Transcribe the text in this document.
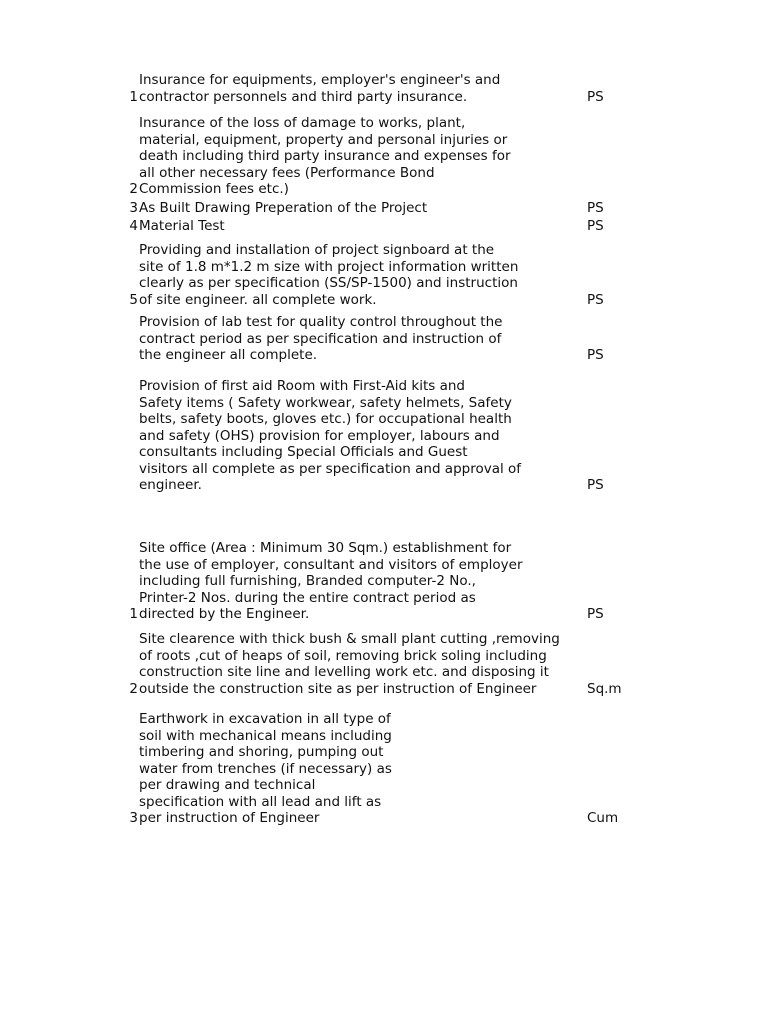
1
Insurance for equipments, employer's engineer's and
contractor personnels and third party insurance.	PS
2
Insurance of the loss of damage to works, plant,
material, equipment, property and personal injuries or
death including third party insurance and expenses for
all other necessary fees (Performance Bond
Commission fees etc.)
3 As Built Drawing Preperation of the Project	PS
4 Material Test	PS
5
Providing and installation of project signboard at the
site of 1.8 m*1.2 m size with project information written
clearly as per specification (SS/SP-1500) and instruction
of site engineer. all complete work.	PS
Provision of lab test for quality control throughout the
contract period as per specification and instruction of
the engineer all complete.	PS
Provision of first aid Room with First-Aid kits and
Safety items ( Safety workwear, safety helmets, Safety
belts, safety boots, gloves etc.) for occupational health
and safety (OHS) provision for employer, labours and
consultants including Special Officials and Guest
visitors all complete as per specification and approval of
engineer.	PS
1
Site office (Area : Minimum 30 Sqm.) establishment for
the use of employer, consultant and visitors of employer
including full furnishing, Branded computer-2 No.,
Printer-2 Nos. during the entire contract period as
directed by the Engineer.	PS
2
Site clearence with thick bush & small plant cutting ,removing
of roots ,cut of heaps of soil, removing brick soling including
construction site line and levelling work etc. and disposing it
outside the construction site as per instruction of Engineer	Sq.m
3
Earthwork in excavation in all type of
soil with mechanical means including
timbering and shoring, pumping out
water from trenches (if necessary) as
per drawing and technical
specification with all lead and lift as
per instruction of Engineer	Cum
